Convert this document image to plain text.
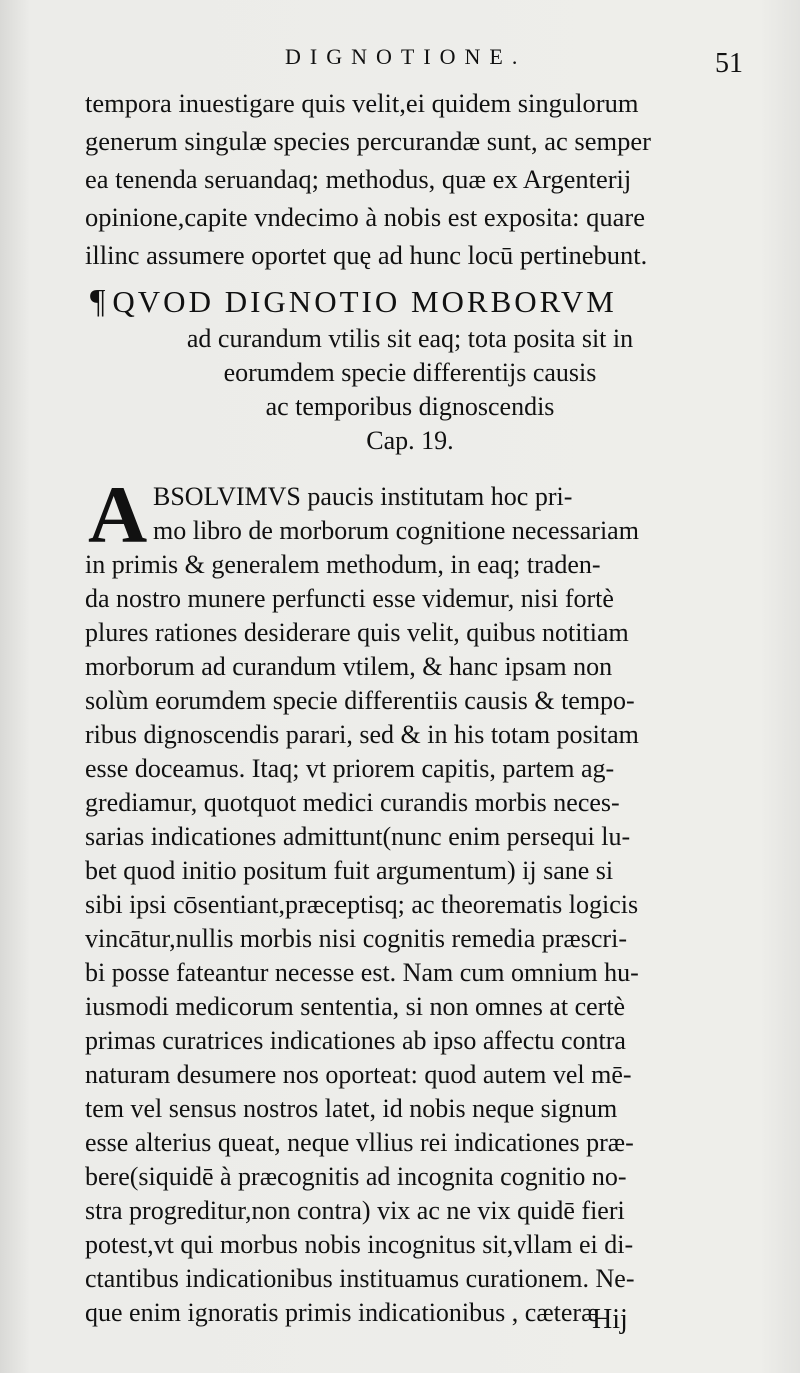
DIGNOTIONE.	51
tempora inuestigare quis velit,ei quidem singulorum
generum singulæ species percurandæ sunt, ac semper
ea tenenda seruandaq; methodus, quæ ex Argenterij
opinione,capite vndecimo à nobis est exposita: quare
illinc assumere oportet quę ad hunc locū pertinebunt.
¶ QVOD DIGNOTIO MORBORVM
ad curandum vtilis sit eaq; tota posita sit in
eorumdem specie differentijs causis
ac temporibus dignoscendis
Cap. 19.
A BSOLVIMVS paucis institutam hoc pri-
mo libro de morborum cognitione necessariam
in primis & generalem methodum, in eaq; traden-
da nostro munere perfuncti esse videmur, nisi fortè
plures rationes desiderare quis velit, quibus notitiam
morborum ad curandum vtilem, & hanc ipsam non
solùm eorumdem specie differentiis causis & tempo-
ribus dignoscendis parari, sed & in his totam positam
esse doceamus. Itaq; vt priorem capitis, partem ag-
grediamur, quotquot medici curandis morbis neces-
sarias indicationes admittunt(nunc enim persequi lu-
bet quod initio positum fuit argumentum) ij sane si
sibi ipsi cōsentiant,præceptisq; ac theorematis logicis
vincātur,nullis morbis nisi cognitis remedia præscri-
bi posse fateantur necesse est. Nam cum omnium hu-
iusmodi medicorum sententia, si non omnes at certè
primas curatrices indicationes ab ipso affectu contra
naturam desumere nos oporteat: quod autem vel mē-
tem vel sensus nostros latet, id nobis neque signum
esse alterius queat, neque vllius rei indicationes præ-
bere(siquidē à præcognitis ad incognita cognitio no-
stra progreditur,non contra) vix ac ne vix quidē fieri
potest,vt qui morbus nobis incognitus sit,vllam ei di-
ctantibus indicationibus instituamus curationem. Ne-
que enim ignoratis primis indicationibus , cæteræ
Hij
